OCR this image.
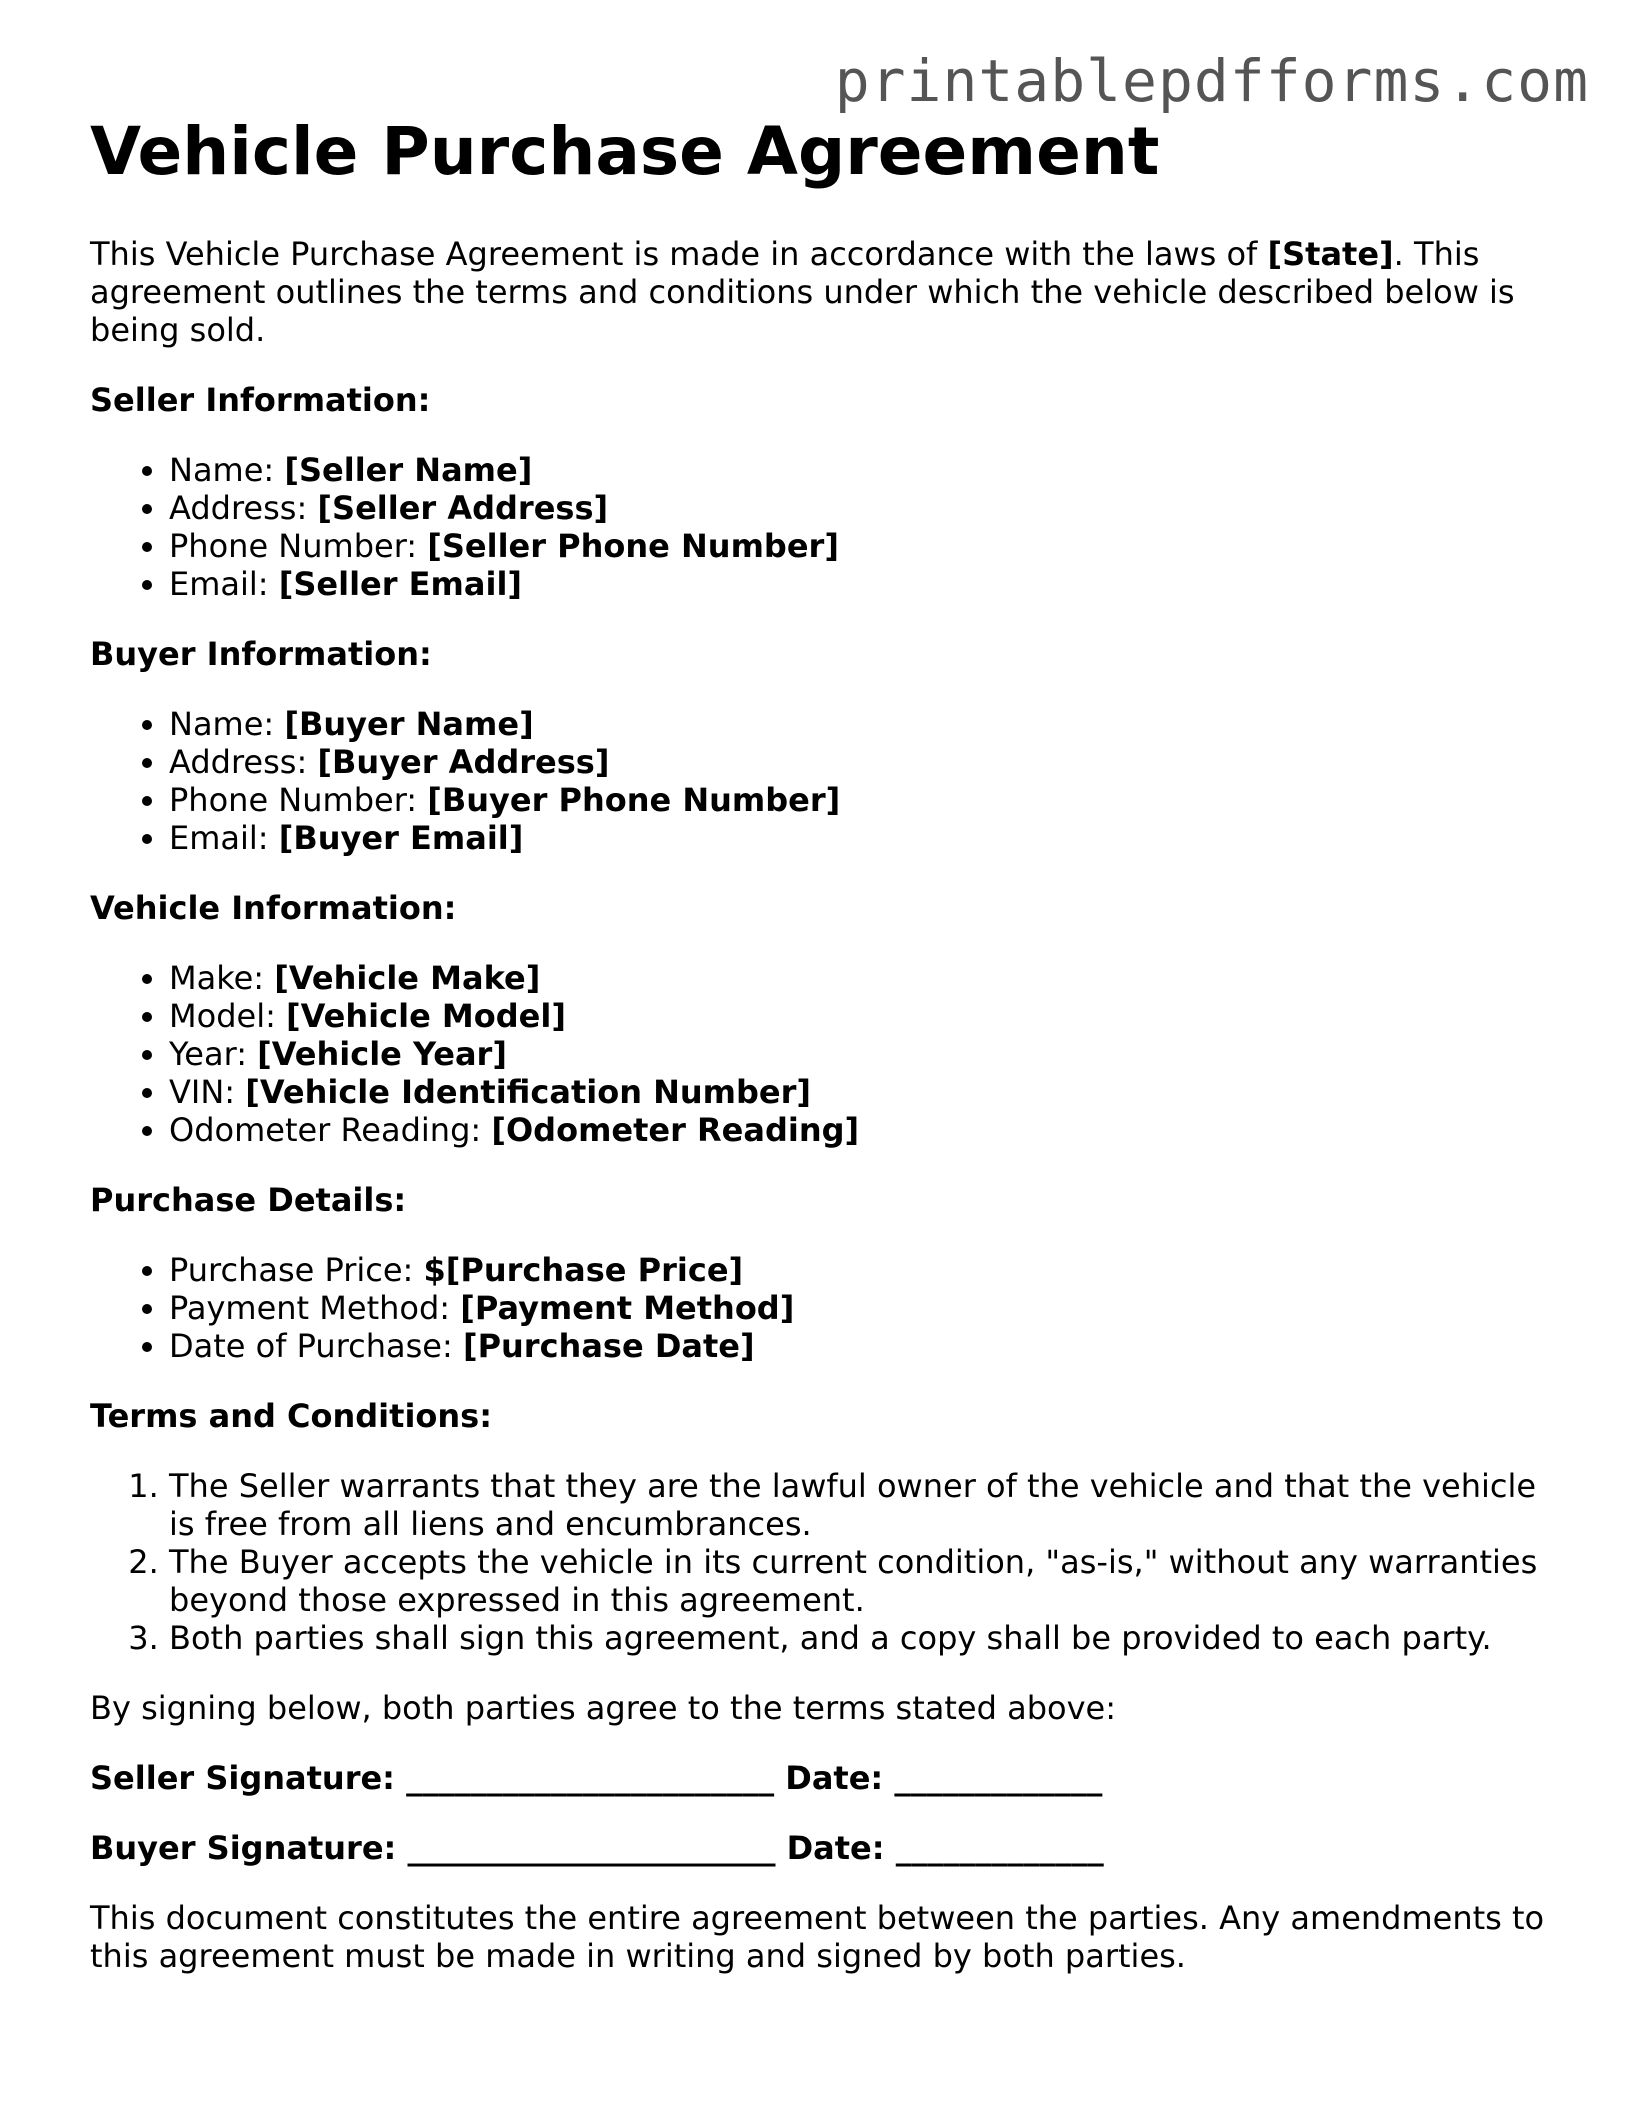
printablepdfforms.com
Vehicle Purchase Agreement

This Vehicle Purchase Agreement is made in accordance with the laws of [State]. This agreement outlines the terms and conditions under which the vehicle described below is being sold.

Seller Information:

• Name: [Seller Name]
• Address: [Seller Address]
• Phone Number: [Seller Phone Number]
• Email: [Seller Email]

Buyer Information:

• Name: [Buyer Name]
• Address: [Buyer Address]
• Phone Number: [Buyer Phone Number]
• Email: [Buyer Email]

Vehicle Information:

• Make: [Vehicle Make]
• Model: [Vehicle Model]
• Year: [Vehicle Year]
• VIN: [Vehicle Identification Number]
• Odometer Reading: [Odometer Reading]

Purchase Details:

• Purchase Price: $[Purchase Price]
• Payment Method: [Payment Method]
• Date of Purchase: [Purchase Date]

Terms and Conditions:

1. The Seller warrants that they are the lawful owner of the vehicle and that the vehicle is free from all liens and encumbrances.
2. The Buyer accepts the vehicle in its current condition, "as-is," without any warranties beyond those expressed in this agreement.
3. Both parties shall sign this agreement, and a copy shall be provided to each party.

By signing below, both parties agree to the terms stated above:

Seller Signature: _______________________ Date: _____________

Buyer Signature: _______________________ Date: _____________

This document constitutes the entire agreement between the parties. Any amendments to this agreement must be made in writing and signed by both parties.
